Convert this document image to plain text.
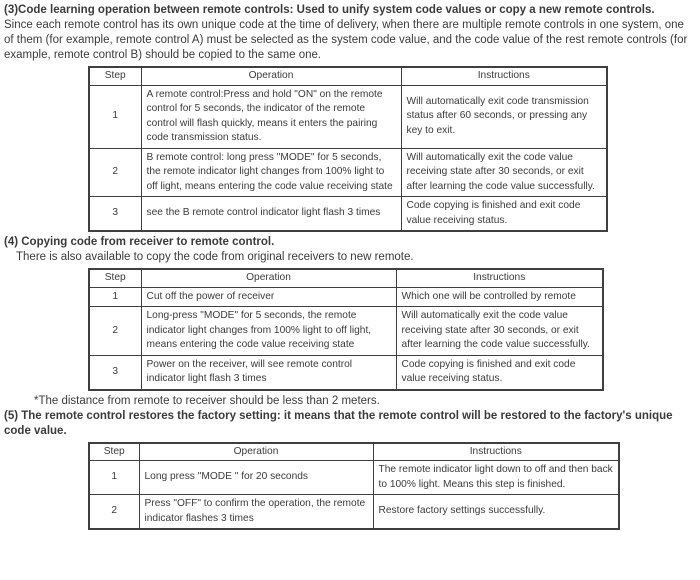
(3)Code learning operation between remote controls: Used to unify system code values or copy a new remote controls.

Since each remote control has its own unique code at the time of delivery, when there are multiple remote controls in one system, one of them (for example, remote control A) must be selected as the system code value, and the code value of the rest remote controls (for example, remote control B) should be copied to the same one.

Step	Operation	Instructions
1	A remote control:Press and hold "ON" on the remote control for 5 seconds, the indicator of the remote control will flash quickly, means it enters the pairing code transmission status.	Will automatically exit code transmission status after 60 seconds, or pressing any key to exit.
2	B remote control: long press "MODE" for 5 seconds, the remote indicator light changes from 100% light to off light, means entering the code value receiving state	Will automatically exit the code value receiving state after 30 seconds, or exit after learning the code value successfully.
3	see the B remote control indicator light flash 3 times	Code copying is finished and exit code value receiving status.

(4) Copying code from receiver to remote control.

There is also available to copy the code from original receivers to new remote.

Step	Operation	Instructions
1	Cut off the power of receiver	Which one will be controlled by remote
2	Long-press "MODE" for 5 seconds, the remote indicator light changes from 100% light to off light, means entering the code value receiving state	Will automatically exit the code value receiving state after 30 seconds, or exit after learning the code value successfully.
3	Power on the receiver, will see remote control indicator light flash 3 times	Code copying is finished and exit code value receiving status.

*The distance from remote to receiver should be less than 2 meters.

(5) The remote control restores the factory setting: it means that the remote control will be restored to the factory's unique code value.

Step	Operation	Instructions
1	Long press "MODE " for 20 seconds	The remote indicator light down to off and then back to 100% light. Means this step is finished.
2	Press "OFF" to confirm the operation, the remote indicator flashes 3 times	Restore factory settings successfully.
